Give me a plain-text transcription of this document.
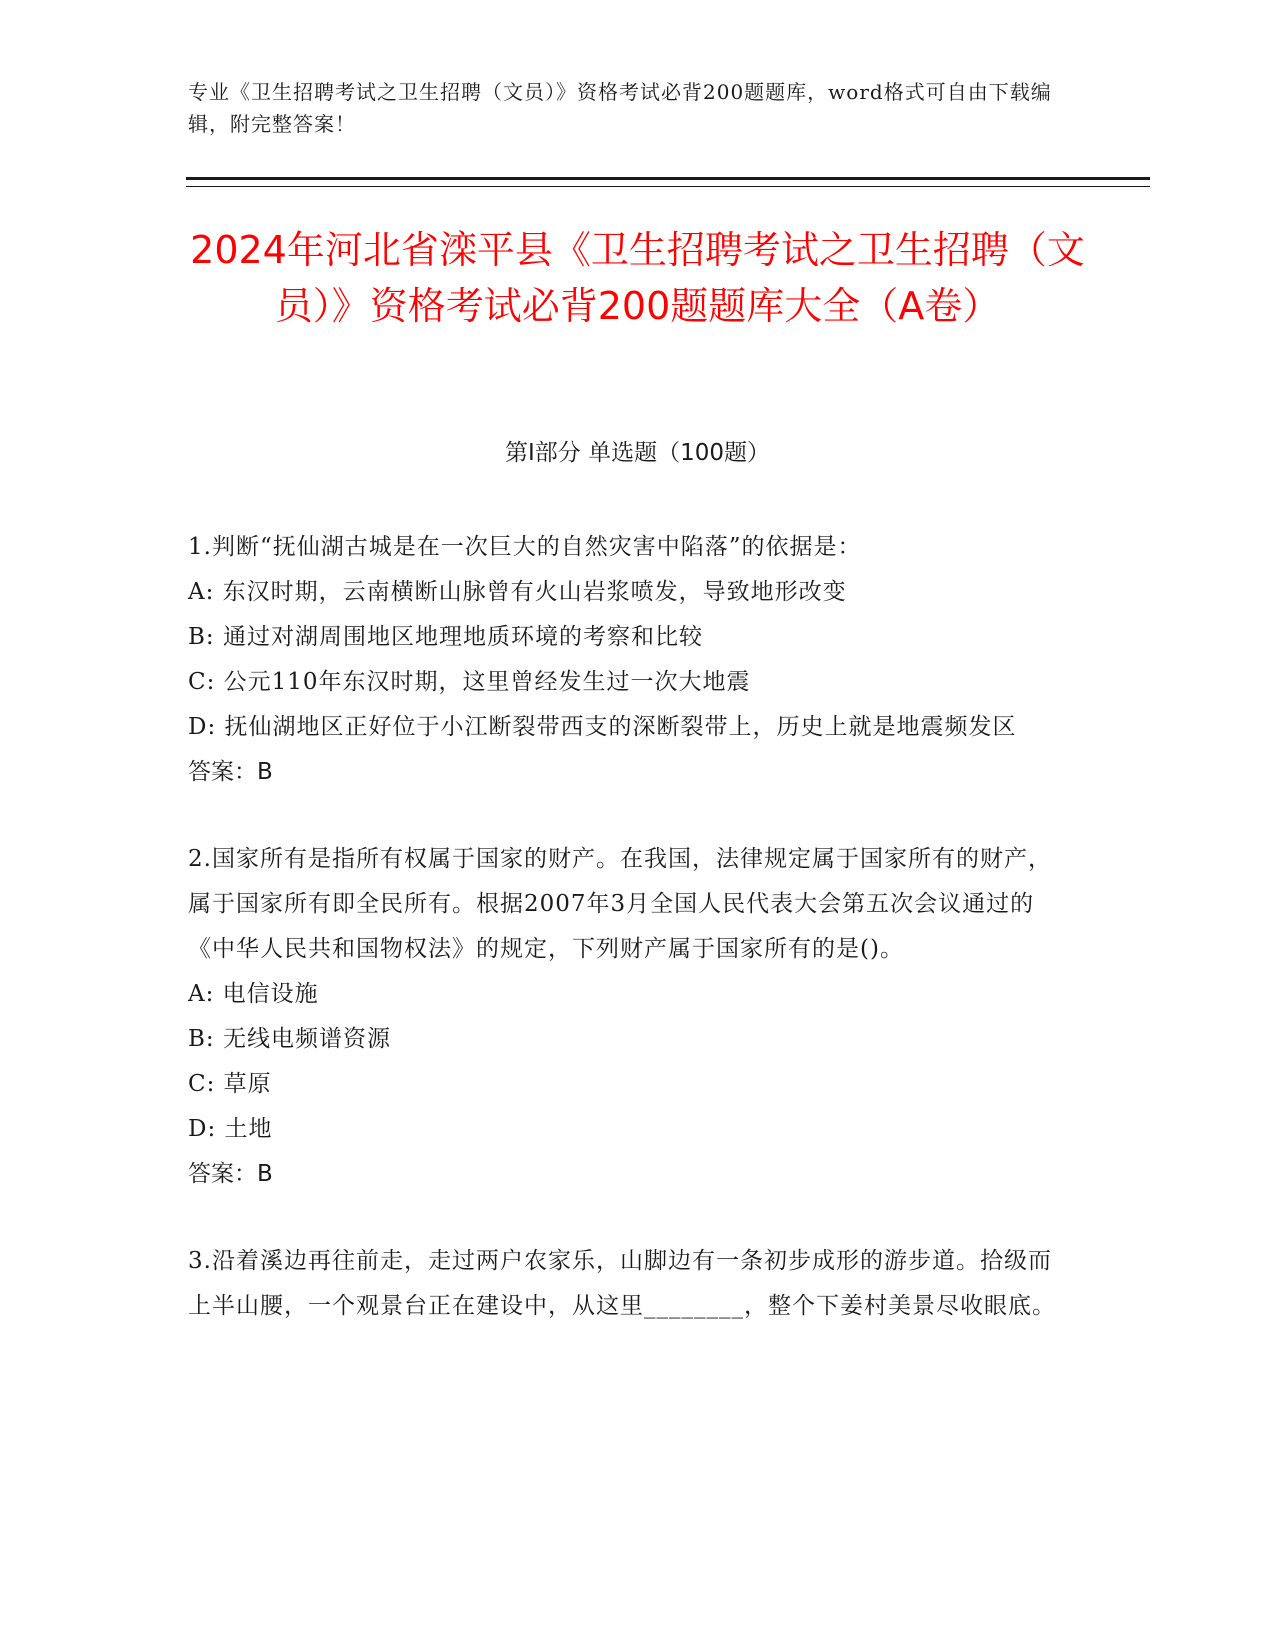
专业《卫生招聘考试之卫生招聘（文员）》资格考试必背200题题库，word格式可自由下载编辑，附完整答案！
2024年河北省滦平县《卫生招聘考试之卫生招聘（文员）》资格考试必背200题题库大全（A卷）
第Ⅰ部分 单选题（100题）

1.判断“抚仙湖古城是在一次巨大的自然灾害中陷落”的依据是：

A: 东汉时期，云南横断山脉曾有火山岩浆喷发，导致地形改变

B: 通过对湖周围地区地理地质环境的考察和比较

C: 公元110年东汉时期，这里曾经发生过一次大地震

D: 抚仙湖地区正好位于小江断裂带西支的深断裂带上，历史上就是地震频发区

答案：B

2.国家所有是指所有权属于国家的财产。在我国，法律规定属于国家所有的财产，属于国家所有即全民所有。根据2007年3月全国人民代表大会第五次会议通过的《中华人民共和国物权法》的规定，下列财产属于国家所有的是()。

A: 电信设施

B: 无线电频谱资源

C: 草原

D: 土地

答案：B

3.沿着溪边再往前走，走过两户农家乐，山脚边有一条初步成形的游步道。拾级而上半山腰，一个观景台正在建设中，从这里________，整个下姜村美景尽收眼底。
